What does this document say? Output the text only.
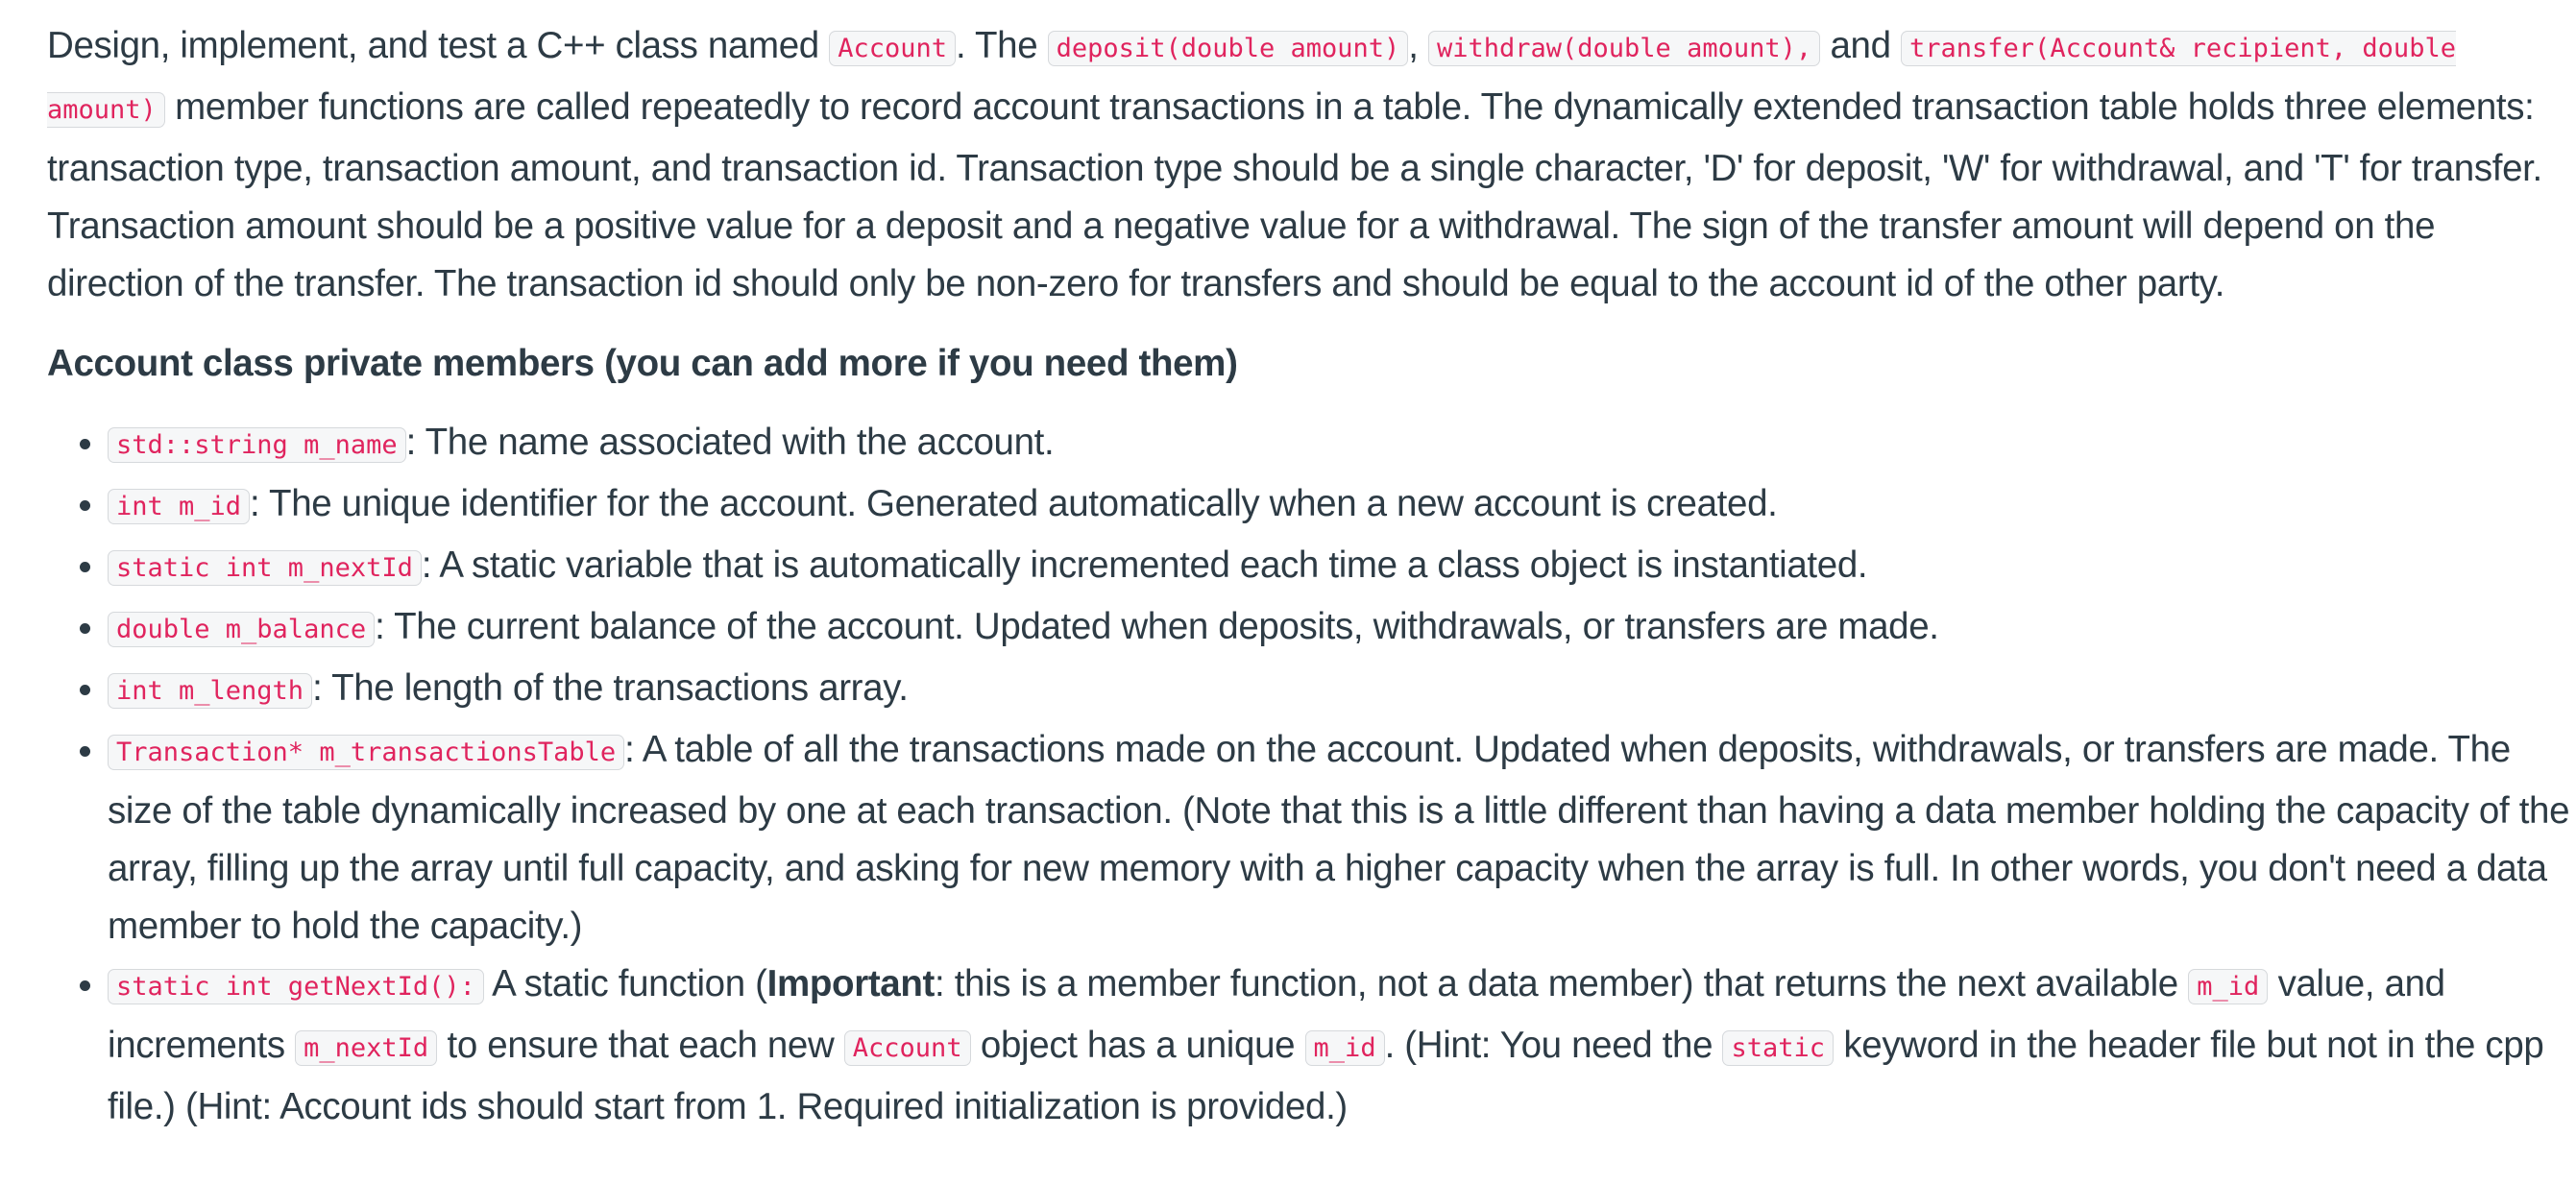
Design, implement, and test a C++ class named Account . The deposit(double amount) , withdraw(double amount), and transfer(Account& recipient, double amount) member functions are called repeatedly to record account transactions in a table. The dynamically extended transaction table holds three elements: transaction type, transaction amount, and transaction id. Transaction type should be a single character, 'D' for deposit, 'W' for withdrawal, and 'T' for transfer. Transaction amount should be a positive value for a deposit and a negative value for a withdrawal. The sign of the transfer amount will depend on the direction of the transfer. The transaction id should only be non-zero for transfers and should be equal to the account id of the other party.

Account class private members (you can add more if you need them)
• std::string m_name : The name associated with the account.
• int m_id : The unique identifier for the account. Generated automatically when a new account is created.
• static int m_nextId : A static variable that is automatically incremented each time a class object is instantiated.
• double m_balance : The current balance of the account. Updated when deposits, withdrawals, or transfers are made.
• int m_length : The length of the transactions array.
• Transaction* m_transactionsTable : A table of all the transactions made on the account. Updated when deposits, withdrawals, or transfers are made. The size of the table dynamically increased by one at each transaction. (Note that this is a little different than having a data member holding the capacity of the array, filling up the array until full capacity, and asking for new memory with a higher capacity when the array is full. In other words, you don't need a data member to hold the capacity.)
• static int getNextId(): A static function (Important: this is a member function, not a data member) that returns the next available m_id value, and increments m_nextId to ensure that each new Account object has a unique m_id . (Hint: You need the static keyword in the header file but not in the cpp file.) (Hint: Account ids should start from 1. Required initialization is provided.)
